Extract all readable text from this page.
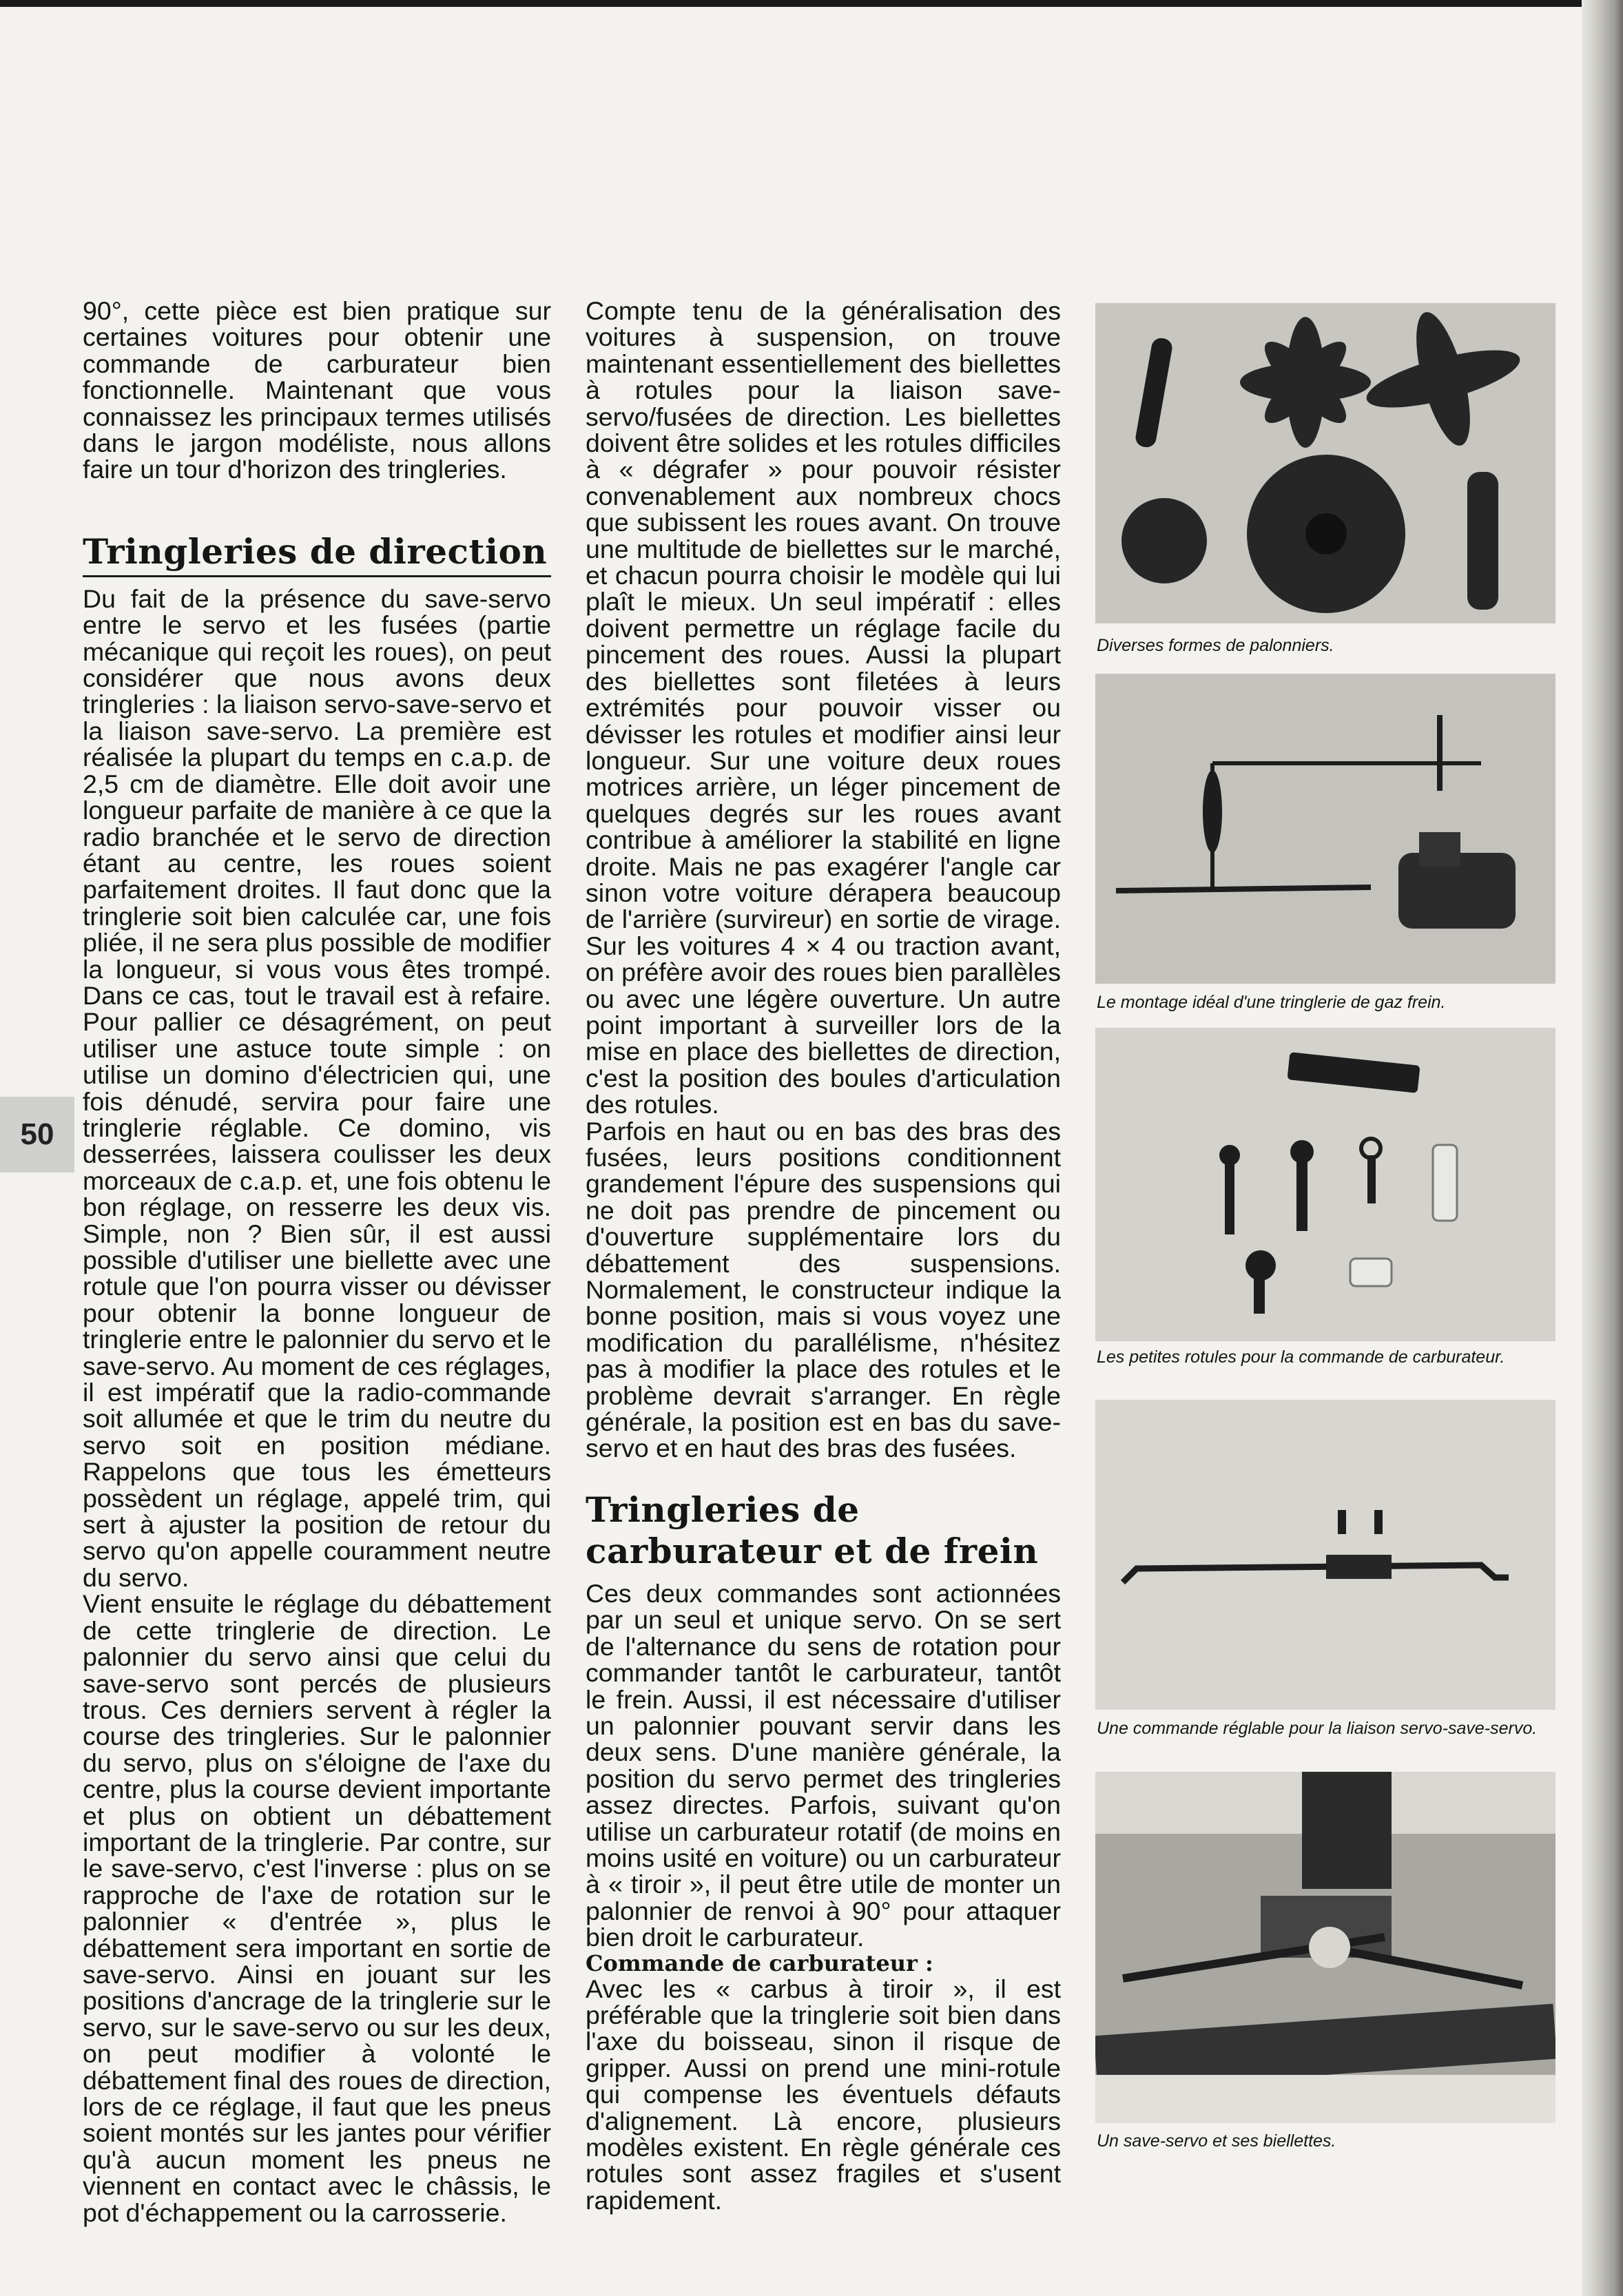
50

90°, cette pièce est bien pratique sur certaines voitures pour obtenir une commande de carburateur bien fonctionnelle. Maintenant que vous connaissez les principaux termes utilisés dans le jargon modéliste, nous allons faire un tour d'horizon des tringleries.

Tringleries de direction

Du fait de la présence du save-servo entre le servo et les fusées (partie mécanique qui reçoit les roues), on peut considérer que nous avons deux tringleries : la liaison servo-save-servo et la liaison save-servo. La première est réalisée la plupart du temps en c.a.p. de 2,5 cm de diamètre. Elle doit avoir une longueur parfaite de manière à ce que la radio branchée et le servo de direction étant au centre, les roues soient parfaitement droites. Il faut donc que la tringlerie soit bien calculée car, une fois pliée, il ne sera plus possible de modifier la longueur, si vous vous êtes trompé. Dans ce cas, tout le travail est à refaire. Pour pallier ce désagrément, on peut utiliser une astuce toute simple : on utilise un domino d'électricien qui, une fois dénudé, servira pour faire une tringlerie réglable. Ce domino, vis desserrées, laissera coulisser les deux morceaux de c.a.p. et, une fois obtenu le bon réglage, on resserre les deux vis. Simple, non ? Bien sûr, il est aussi possible d'utiliser une biellette avec une rotule que l'on pourra visser ou dévisser pour obtenir la bonne longueur de tringlerie entre le palonnier du servo et le save-servo. Au moment de ces réglages, il est impératif que la radio-commande soit allumée et que le trim du neutre du servo soit en position médiane. Rappelons que tous les émetteurs possèdent un réglage, appelé trim, qui sert à ajuster la position de retour du servo qu'on appelle couramment neutre du servo.

Vient ensuite le réglage du débattement de cette tringlerie de direction. Le palonnier du servo ainsi que celui du save-servo sont percés de plusieurs trous. Ces derniers servent à régler la course des tringleries. Sur le palonnier du servo, plus on s'éloigne de l'axe du centre, plus la course devient importante et plus on obtient un débattement important de la tringlerie. Par contre, sur le save-servo, c'est l'inverse : plus on se rapproche de l'axe de rotation sur le palonnier « d'entrée », plus le débattement sera important en sortie de save-servo. Ainsi en jouant sur les positions d'ancrage de la tringlerie sur le servo, sur le save-servo ou sur les deux, on peut modifier à volonté le débattement final des roues de direction, lors de ce réglage, il faut que les pneus soient montés sur les jantes pour vérifier qu'à aucun moment les pneus ne viennent en contact avec le châssis, le pot d'échappement ou la carrosserie.

Compte tenu de la généralisation des voitures à suspension, on trouve maintenant essentiellement des biellettes à rotules pour la liaison save-servo/fusées de direction. Les biellettes doivent être solides et les rotules difficiles à « dégrafer » pour pouvoir résister convenablement aux nombreux chocs que subissent les roues avant. On trouve une multitude de biellettes sur le marché, et chacun pourra choisir le modèle qui lui plaît le mieux. Un seul impératif : elles doivent permettre un réglage facile du pincement des roues. Aussi la plupart des biellettes sont filetées à leurs extrémités pour pouvoir visser ou dévisser les rotules et modifier ainsi leur longueur. Sur une voiture deux roues motrices arrière, un léger pincement de quelques degrés sur les roues avant contribue à améliorer la stabilité en ligne droite. Mais ne pas exagérer l'angle car sinon votre voiture dérapera beaucoup de l'arrière (survireur) en sortie de virage. Sur les voitures 4 × 4 ou traction avant, on préfère avoir des roues bien parallèles ou avec une légère ouverture. Un autre point important à surveiller lors de la mise en place des biellettes de direction, c'est la position des boules d'articulation des rotules.

Parfois en haut ou en bas des bras des fusées, leurs positions conditionnent grandement l'épure des suspensions qui ne doit pas prendre de pincement ou d'ouverture supplémentaire lors du débattement des suspensions. Normalement, le constructeur indique la bonne position, mais si vous voyez une modification du parallélisme, n'hésitez pas à modifier la place des rotules et le problème devrait s'arranger. En règle générale, la position est en bas du save-servo et en haut des bras des fusées.

Tringleries de
carburateur et de frein

Ces deux commandes sont actionnées par un seul et unique servo. On se sert de l'alternance du sens de rotation pour commander tantôt le carburateur, tantôt le frein. Aussi, il est nécessaire d'utiliser un palonnier pouvant servir dans les deux sens. D'une manière générale, la position du servo permet des tringleries assez directes. Parfois, suivant qu'on utilise un carburateur rotatif (de moins en moins usité en voiture) ou un carburateur à « tiroir », il peut être utile de monter un palonnier de renvoi à 90° pour attaquer bien droit le carburateur.

Commande de carburateur :

Avec les « carbus à tiroir », il est préférable que la tringlerie soit bien dans l'axe du boisseau, sinon il risque de gripper. Aussi on prend une mini-rotule qui compense les éventuels défauts d'alignement. Là encore, plusieurs modèles existent. En règle générale ces rotules sont assez fragiles et s'usent rapidement.

Diverses formes de palonniers.
Le montage idéal d'une tringlerie de gaz frein.
Les petites rotules pour la commande de carburateur.
Une commande réglable pour la liaison servo-save-servo.
Un save-servo et ses biellettes.
